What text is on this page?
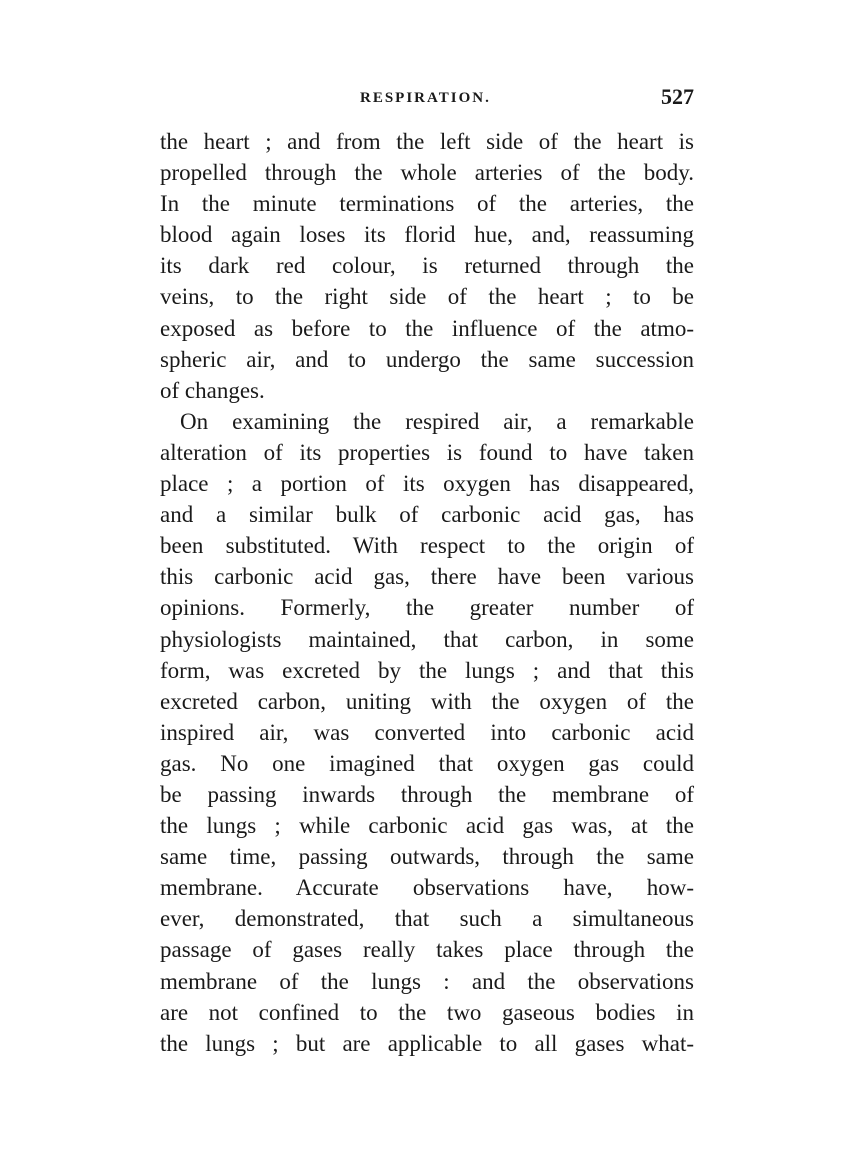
RESPIRATION.	527
the heart ; and from the left side of the heart is
propelled through the whole arteries of the body.
In the minute terminations of the arteries, the
blood again loses its florid hue, and, reassuming
its dark red colour, is returned through the
veins, to the right side of the heart ; to be
exposed as before to the influence of the atmo-
spheric air, and to undergo the same succession
of changes.
On examining the respired air, a remarkable
alteration of its properties is found to have taken
place ; a portion of its oxygen has disappeared,
and a similar bulk of carbonic acid gas, has
been substituted. With respect to the origin of
this carbonic acid gas, there have been various
opinions. Formerly, the greater number of
physiologists maintained, that carbon, in some
form, was excreted by the lungs ; and that this
excreted carbon, uniting with the oxygen of the
inspired air, was converted into carbonic acid
gas. No one imagined that oxygen gas could
be passing inwards through the membrane of
the lungs ; while carbonic acid gas was, at the
same time, passing outwards, through the same
membrane. Accurate observations have, how-
ever, demonstrated, that such a simultaneous
passage of gases really takes place through the
membrane of the lungs : and the observations
are not confined to the two gaseous bodies in
the lungs ; but are applicable to all gases what-
